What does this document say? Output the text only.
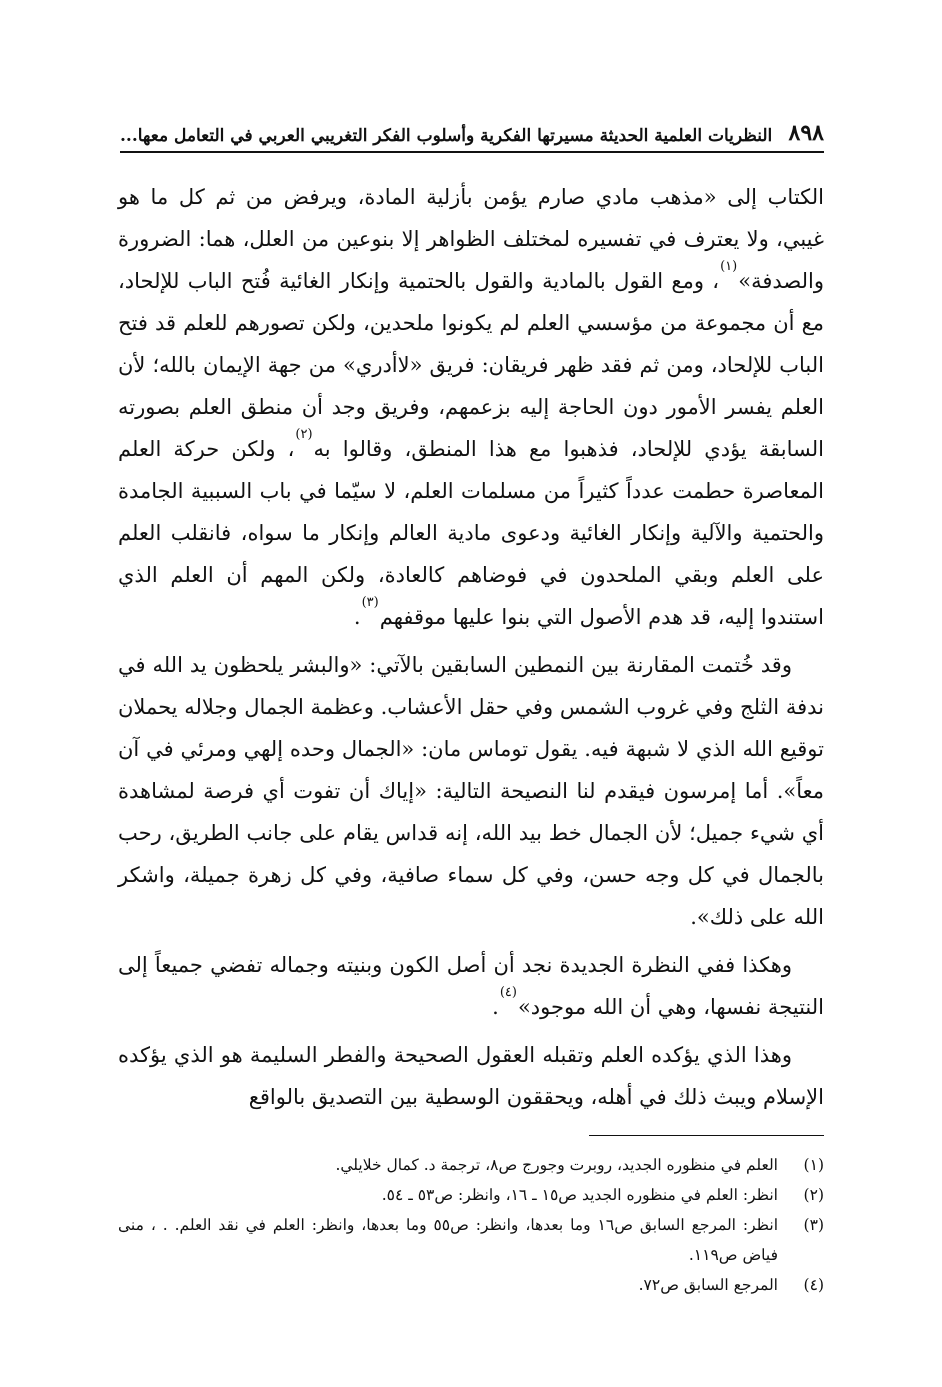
٨٩٨
النظريات العلمية الحديثة مسيرتها الفكرية وأسلوب الفكر التغريبي العربي في التعامل معها...

الكتاب إلى «مذهب مادي صارم يؤمن بأزلية المادة، ويرفض من ثم كل ما هو غيبي، ولا يعترف في تفسيره لمختلف الظواهر إلا بنوعين من العلل، هما: الضرورة والصدفة»$^{(١)}$، ومع القول بالمادية والقول بالحتمية وإنكار الغائية فُتح الباب للإلحاد، مع أن مجموعة من مؤسسي العلم لم يكونوا ملحدين، ولكن تصورهم للعلم قد فتح الباب للإلحاد، ومن ثم فقد ظهر فريقان: فريق «لاأدري» من جهة الإيمان بالله؛ لأن العلم يفسر الأمور دون الحاجة إليه بزعمهم، وفريق وجد أن منطق العلم بصورته السابقة يؤدي للإلحاد، فذهبوا مع هذا المنطق، وقالوا به$^{(٢)}$، ولكن حركة العلم المعاصرة حطمت عدداً كثيراً من مسلمات العلم، لا سيّما في باب السببية الجامدة والحتمية والآلية وإنكار الغائية ودعوى مادية العالم وإنكار ما سواه، فانقلب العلم على العلم وبقي الملحدون في فوضاهم كالعادة، ولكن المهم أن العلم الذي استندوا إليه، قد هدم الأصول التي بنوا عليها موقفهم$^{(٣)}$.

وقد خُتمت المقارنة بين النمطين السابقين بالآتي: «والبشر يلحظون يد الله في ندفة الثلج وفي غروب الشمس وفي حقل الأعشاب. وعظمة الجمال وجلاله يحملان توقيع الله الذي لا شبهة فيه. يقول توماس مان: «الجمال وحده إلهي ومرئي في آن معاً». أما إمرسون فيقدم لنا النصيحة التالية: «إياك أن تفوت أي فرصة لمشاهدة أي شيء جميل؛ لأن الجمال خط بيد الله، إنه قداس يقام على جانب الطريق، رحب بالجمال في كل وجه حسن، وفي كل سماء صافية، وفي كل زهرة جميلة، واشكر الله على ذلك».

وهكذا ففي النظرة الجديدة نجد أن أصل الكون وبنيته وجماله تفضي جميعاً إلى النتيجة نفسها، وهي أن الله موجود»$^{(٤)}$.

وهذا الذي يؤكده العلم وتقبله العقول الصحيحة والفطر السليمة هو الذي يؤكده الإسلام ويبث ذلك في أهله، ويحققون الوسطية بين التصديق بالواقع

(١)
العلم في منظوره الجديد، روبرت وجورج ص٨، ترجمة د. كمال خلايلي.
(٢)
انظر: العلم في منظوره الجديد ص١٥ ـ ١٦، وانظر: ص٥٣ ـ ٥٤.
(٣)
انظر: المرجع السابق ص١٦ وما بعدها، وانظر: ص٥٥ وما بعدها، وانظر: العلم في نقد العلم. . ، منى فياض ص١١٩.
(٤)
المرجع السابق ص٧٢.
